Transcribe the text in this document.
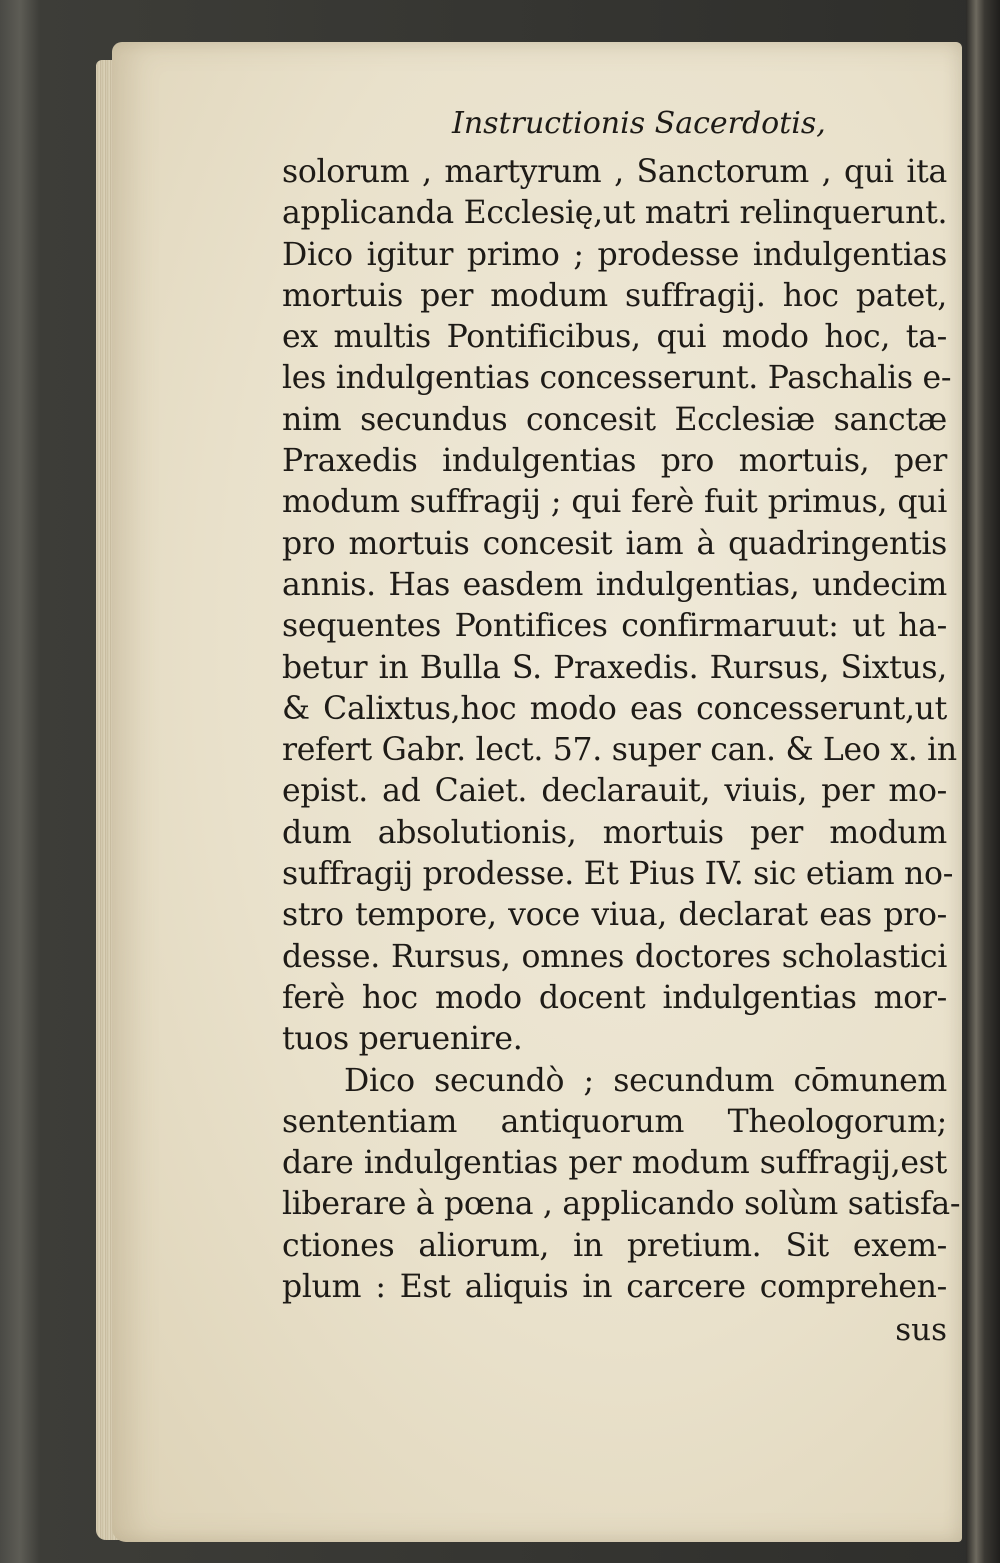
Instructionis Sacerdotis,
solorum , martyrum , Sanctorum , qui ita
applicanda Ecclesię,ut matri relinquerunt.
Dico igitur primo ; prodesse indulgentias
mortuis per modum suffragij. hoc patet,
ex multis Pontificibus, qui modo hoc, ta-
les indulgentias concesserunt. Paschalis e-
nim secundus concesit Ecclesiæ sanctæ
Praxedis indulgentias pro mortuis, per
modum suffragij ; qui ferè fuit primus, qui
pro mortuis concesit iam à quadringentis
annis. Has easdem indulgentias, undecim
sequentes Pontifices confirmaruut: ut ha-
betur in Bulla S. Praxedis. Rursus, Sixtus,
& Calixtus,hoc modo eas concesserunt,ut
refert Gabr. lect. 57. super can. & Leo x. in
epist. ad Caiet. declarauit, viuis, per mo-
dum absolutionis, mortuis per modum
suffragij prodesse. Et Pius IV. sic etiam no-
stro tempore, voce viua, declarat eas pro-
desse. Rursus, omnes doctores scholastici
ferè hoc modo docent indulgentias mor-
tuos peruenire.
Dico secundò ; secundum cōmunem
sententiam antiquorum Theologorum;
dare indulgentias per modum suffragij,est
liberare à pœna , applicando solùm satisfa-
ctiones aliorum, in pretium. Sit exem-
plum : Est aliquis in carcere comprehen-
sus
